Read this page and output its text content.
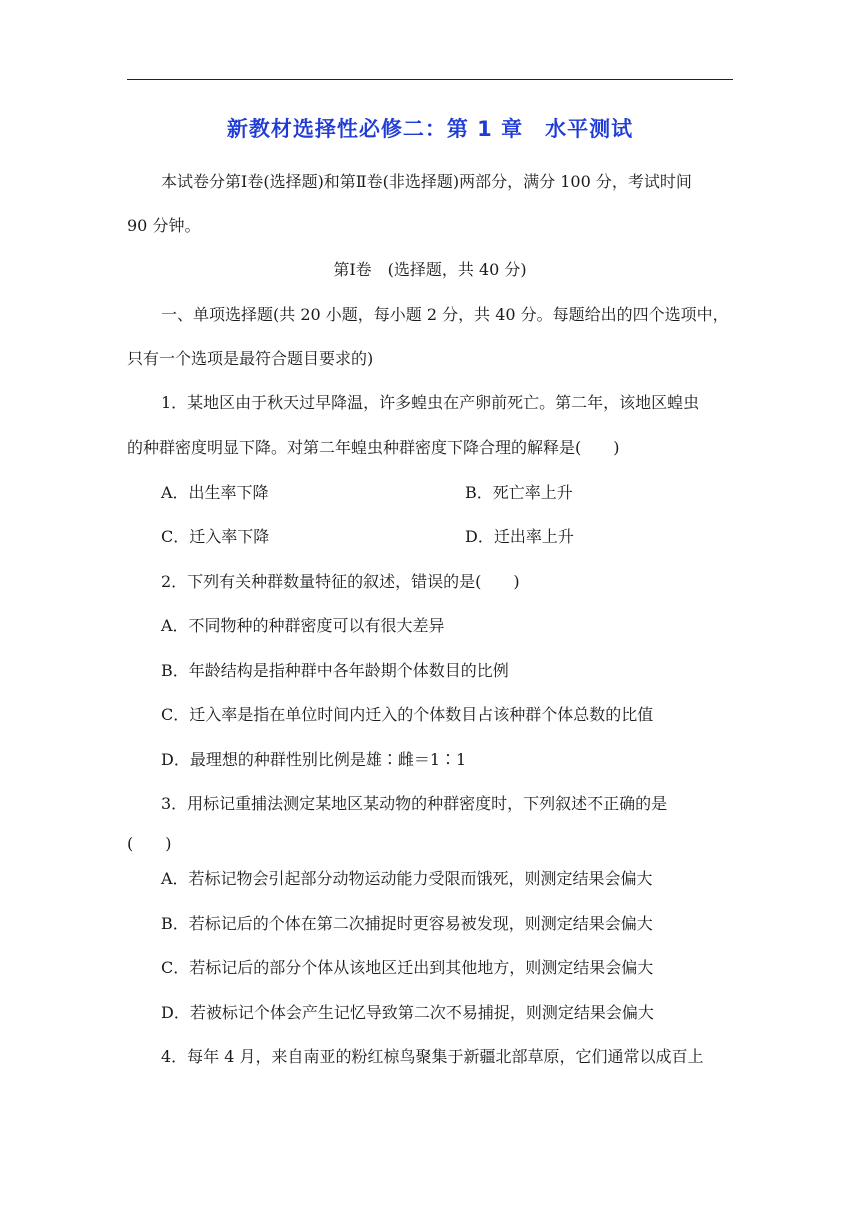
新教材选择性必修二：第 1 章　水平测试
本试卷分第Ⅰ卷(选择题)和第Ⅱ卷(非选择题)两部分，满分 100 分，考试时间
90 分钟。
第Ⅰ卷　(选择题，共 40 分)
一、单项选择题(共 20 小题，每小题 2 分，共 40 分。每题给出的四个选项中，
只有一个选项是最符合题目要求的)
1．某地区由于秋天过早降温，许多蝗虫在产卵前死亡。第二年，该地区蝗虫
的种群密度明显下降。对第二年蝗虫种群密度下降合理的解释是(　　)
A．出生率下降	B．死亡率上升
C．迁入率下降	D．迁出率上升
2．下列有关种群数量特征的叙述，错误的是(　　)
A．不同物种的种群密度可以有很大差异
B．年龄结构是指种群中各年龄期个体数目的比例
C．迁入率是指在单位时间内迁入的个体数目占该种群个体总数的比值
D．最理想的种群性别比例是雄∶雌＝1∶1
3．用标记重捕法测定某地区某动物的种群密度时，下列叙述不正确的是
(　　)
A．若标记物会引起部分动物运动能力受限而饿死，则测定结果会偏大
B．若标记后的个体在第二次捕捉时更容易被发现，则测定结果会偏大
C．若标记后的部分个体从该地区迁出到其他地方，则测定结果会偏大
D．若被标记个体会产生记忆导致第二次不易捕捉，则测定结果会偏大
4．每年 4 月，来自南亚的粉红椋鸟聚集于新疆北部草原，它们通常以成百上
